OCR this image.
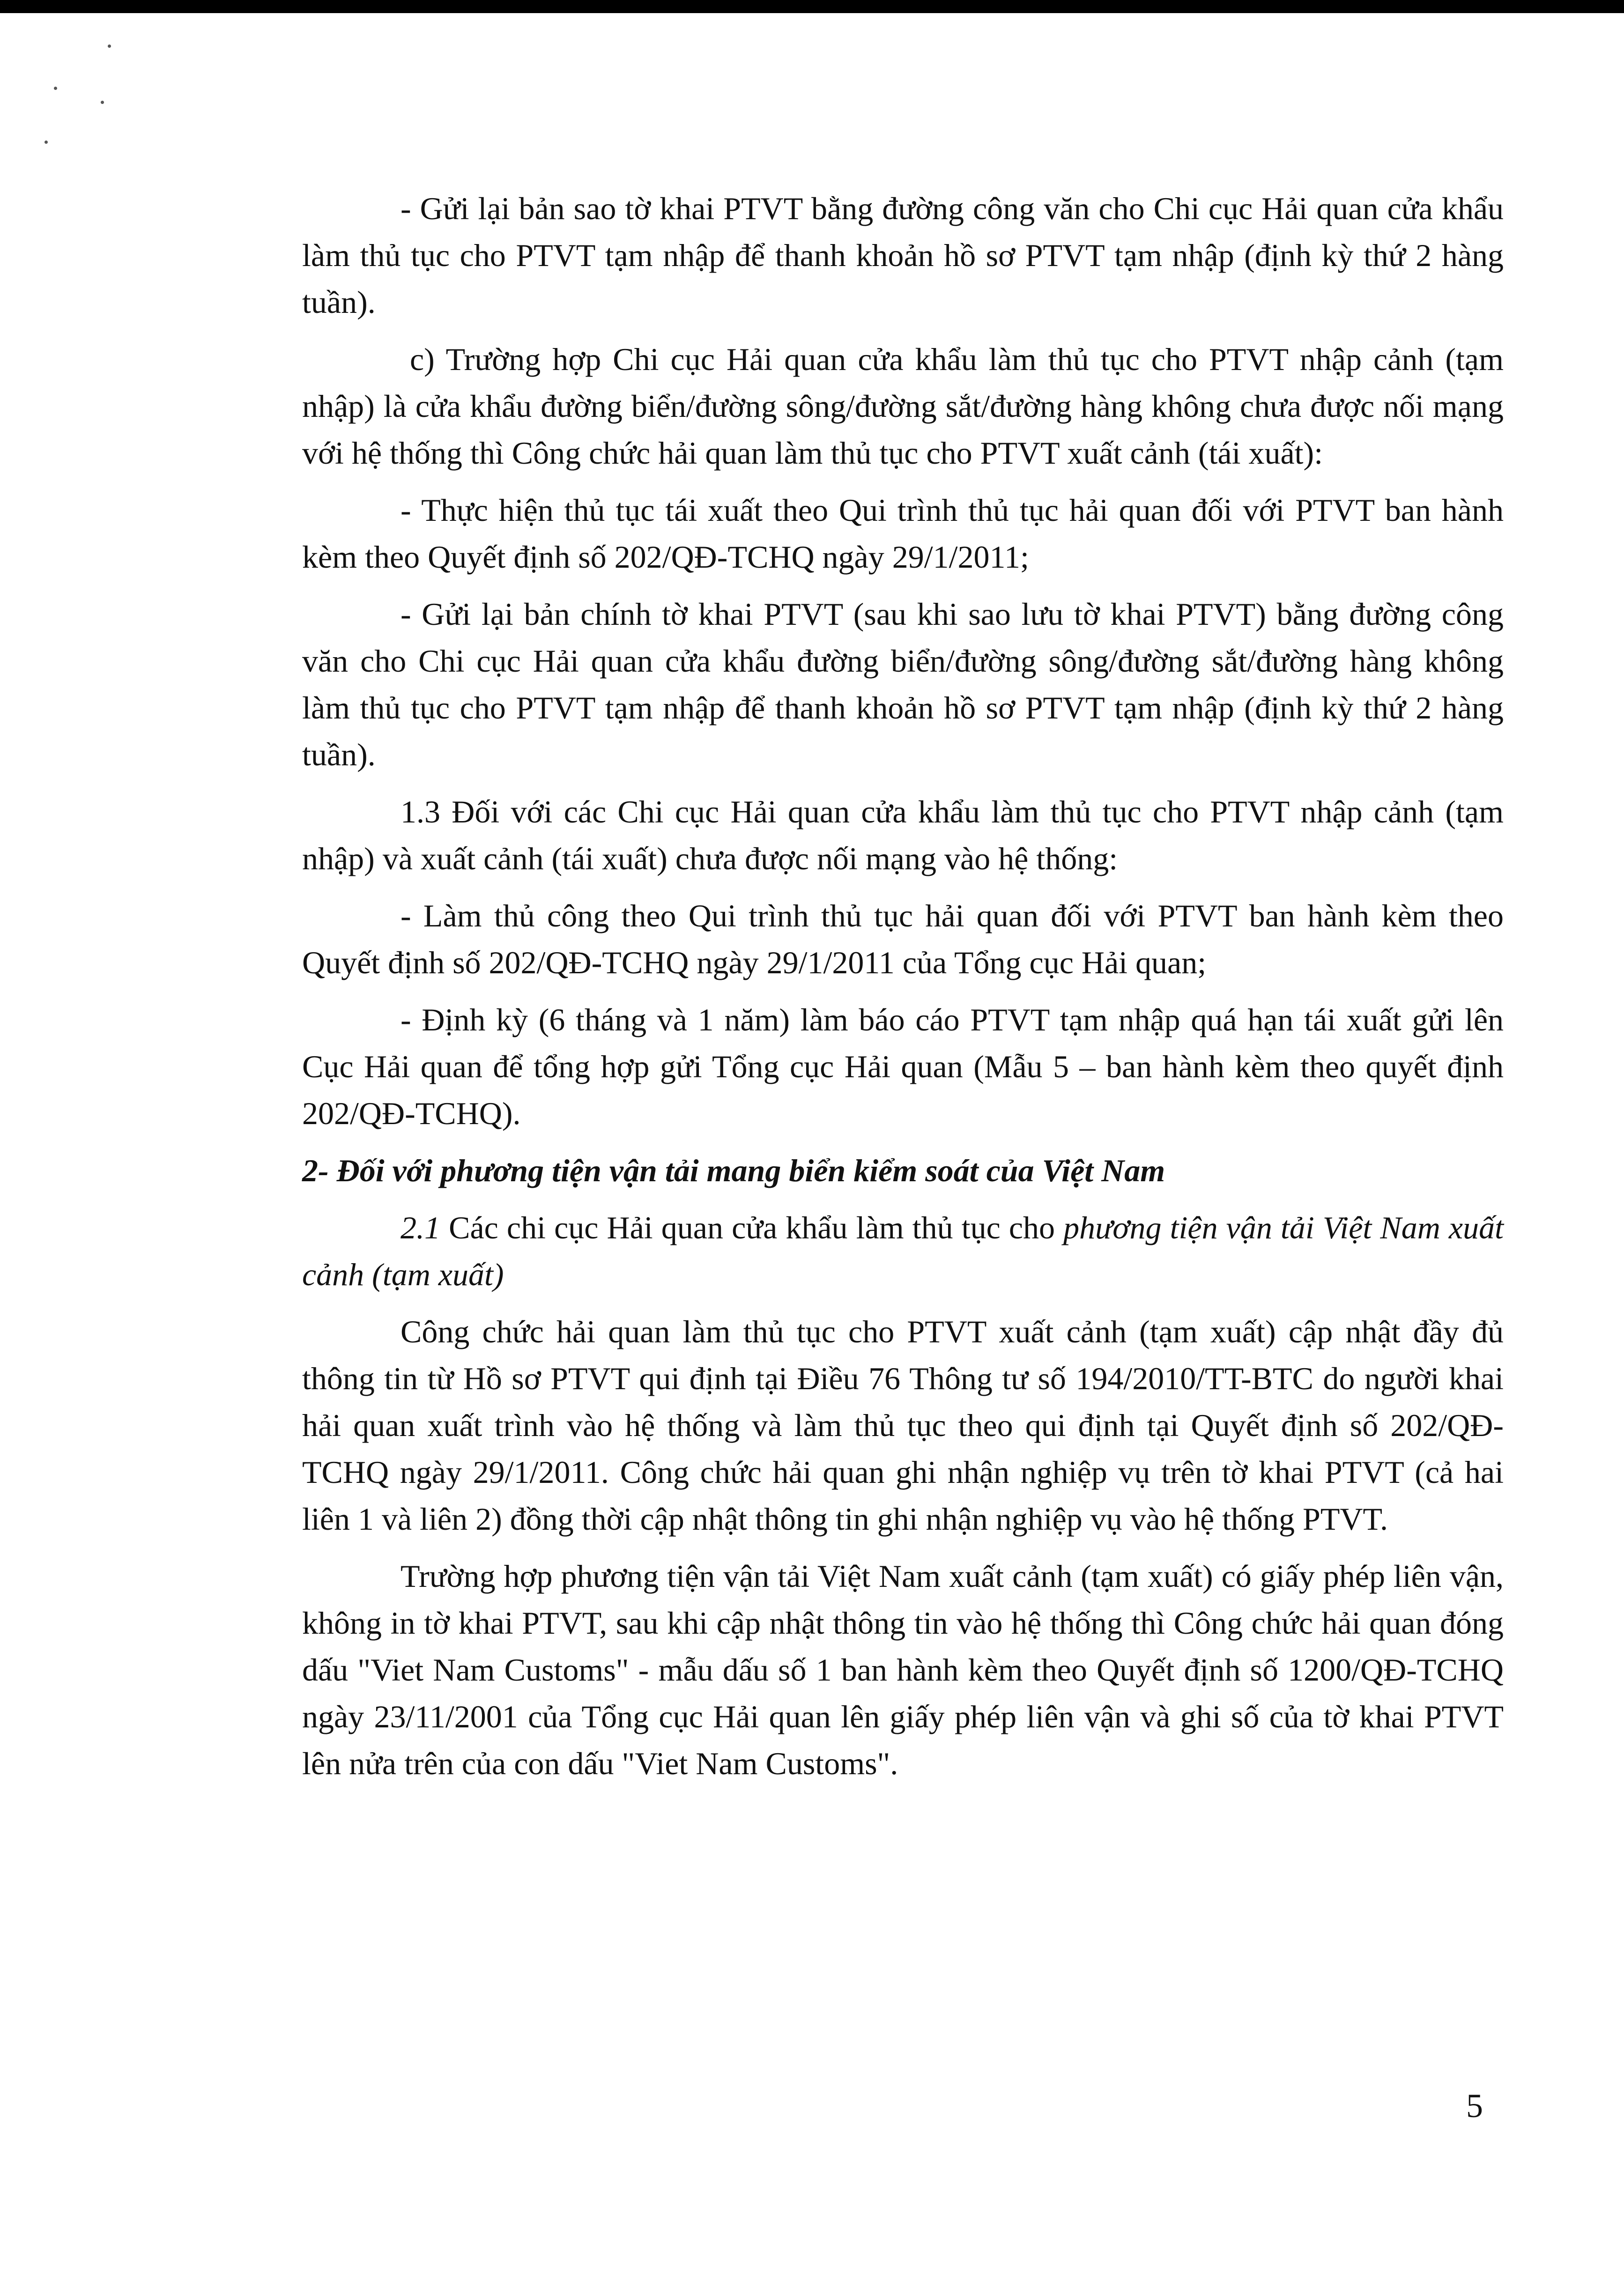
- Gửi lại bản sao tờ khai PTVT bằng đường công văn cho Chi cục Hải quan cửa khẩu làm thủ tục cho PTVT tạm nhập để thanh khoản hồ sơ PTVT tạm nhập (định kỳ thứ 2 hàng tuần).

c) Trường hợp Chi cục Hải quan cửa khẩu làm thủ tục cho PTVT nhập cảnh (tạm nhập) là cửa khẩu đường biển/đường sông/đường sắt/đường hàng không chưa được nối mạng với hệ thống thì Công chức hải quan làm thủ tục cho PTVT xuất cảnh (tái xuất):

- Thực hiện thủ tục tái xuất theo Qui trình thủ tục hải quan đối với PTVT ban hành kèm theo Quyết định số 202/QĐ-TCHQ ngày 29/1/2011;

- Gửi lại bản chính tờ khai PTVT (sau khi sao lưu tờ khai PTVT) bằng đường công văn cho Chi cục Hải quan cửa khẩu đường biển/đường sông/đường sắt/đường hàng không làm thủ tục cho PTVT tạm nhập để thanh khoản hồ sơ PTVT tạm nhập (định kỳ thứ 2 hàng tuần).

1.3 Đối với các Chi cục Hải quan cửa khẩu làm thủ tục cho PTVT nhập cảnh (tạm nhập) và xuất cảnh (tái xuất) chưa được nối mạng vào hệ thống:

- Làm thủ công theo Qui trình thủ tục hải quan đối với PTVT ban hành kèm theo Quyết định số 202/QĐ-TCHQ ngày 29/1/2011 của Tổng cục Hải quan;

- Định kỳ (6 tháng và 1 năm) làm báo cáo PTVT tạm nhập quá hạn tái xuất gửi lên Cục Hải quan để tổng hợp gửi Tổng cục Hải quan (Mẫu 5 – ban hành kèm theo quyết định 202/QĐ-TCHQ).

2- Đối với phương tiện vận tải mang biển kiểm soát của Việt Nam

2.1 Các chi cục Hải quan cửa khẩu làm thủ tục cho phương tiện vận tải Việt Nam xuất cảnh (tạm xuất)

Công chức hải quan làm thủ tục cho PTVT xuất cảnh (tạm xuất) cập nhật đầy đủ thông tin từ Hồ sơ PTVT qui định tại Điều 76 Thông tư số 194/2010/TT-BTC do người khai hải quan xuất trình vào hệ thống và làm thủ tục theo qui định tại Quyết định số 202/QĐ-TCHQ ngày 29/1/2011. Công chức hải quan ghi nhận nghiệp vụ trên tờ khai PTVT (cả hai liên 1 và liên 2) đồng thời cập nhật thông tin ghi nhận nghiệp vụ vào hệ thống PTVT.

Trường hợp phương tiện vận tải Việt Nam xuất cảnh (tạm xuất) có giấy phép liên vận, không in tờ khai PTVT, sau khi cập nhật thông tin vào hệ thống thì Công chức hải quan đóng dấu "Viet Nam Customs" - mẫu dấu số 1 ban hành kèm theo Quyết định số 1200/QĐ-TCHQ ngày 23/11/2001 của Tổng cục Hải quan lên giấy phép liên vận và ghi số của tờ khai PTVT lên nửa trên của con dấu "Viet Nam Customs".

5
